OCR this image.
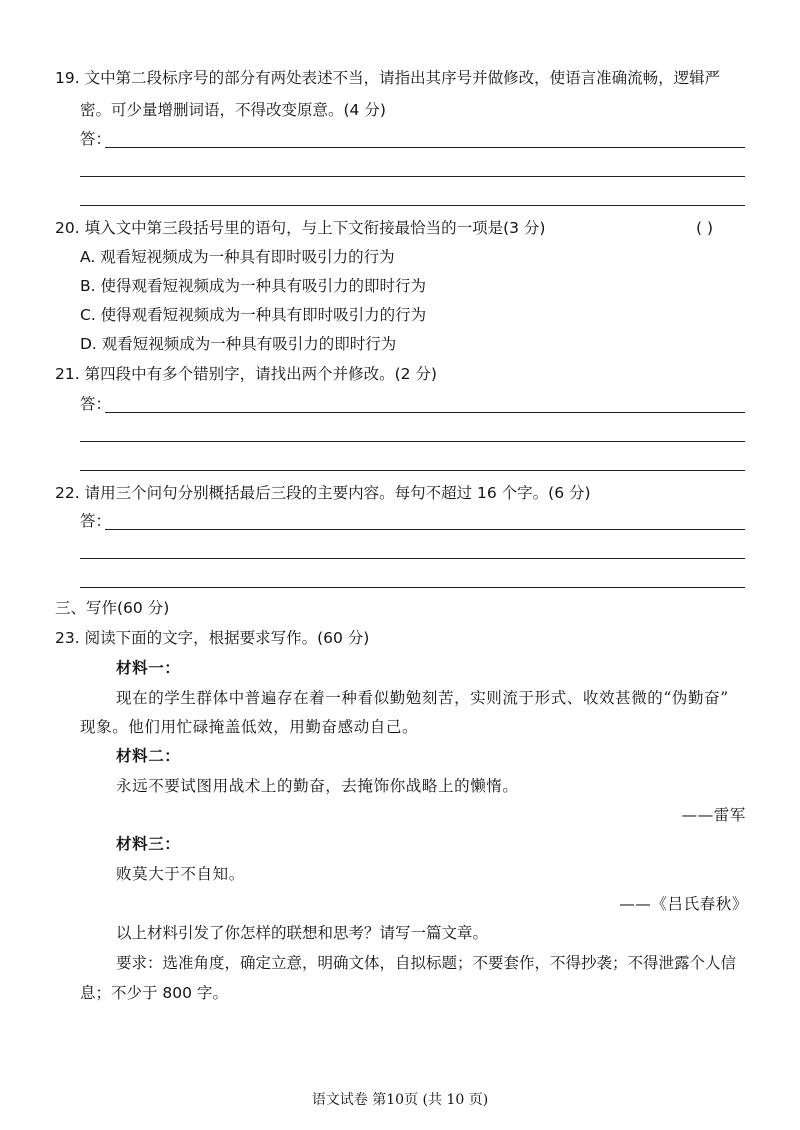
19. 文中第二段标序号的部分有两处表述不当，请指出其序号并做修改，使语言准确流畅，逻辑严
密。可少量增删词语，不得改变原意。(4 分)
答：
20. 填入文中第三段括号里的语句，与上下文衔接最恰当的一项是(3 分)	( )
A. 观看短视频成为一种具有即时吸引力的行为
B. 使得观看短视频成为一种具有吸引力的即时行为
C. 使得观看短视频成为一种具有即时吸引力的行为
D. 观看短视频成为一种具有吸引力的即时行为
21. 第四段中有多个错别字，请找出两个并修改。(2 分)
答：
22. 请用三个问句分别概括最后三段的主要内容。每句不超过 16 个字。(6 分)
答：
三、写作(60 分)
23. 阅读下面的文字，根据要求写作。(60 分)
材料一：
现在的学生群体中普遍存在着一种看似勤勉刻苦，实则流于形式、收效甚微的“伪勤奋”
现象。他们用忙碌掩盖低效，用勤奋感动自己。
材料二：
永远不要试图用战术上的勤奋，去掩饰你战略上的懒惰。
——雷军
材料三：
败莫大于不自知。
——《吕氏春秋》
以上材料引发了你怎样的联想和思考？请写一篇文章。
要求：选准角度，确定立意，明确文体，自拟标题；不要套作，不得抄袭；不得泄露个人信
息；不少于 800 字。
语文试卷 第10页 (共 10 页)
